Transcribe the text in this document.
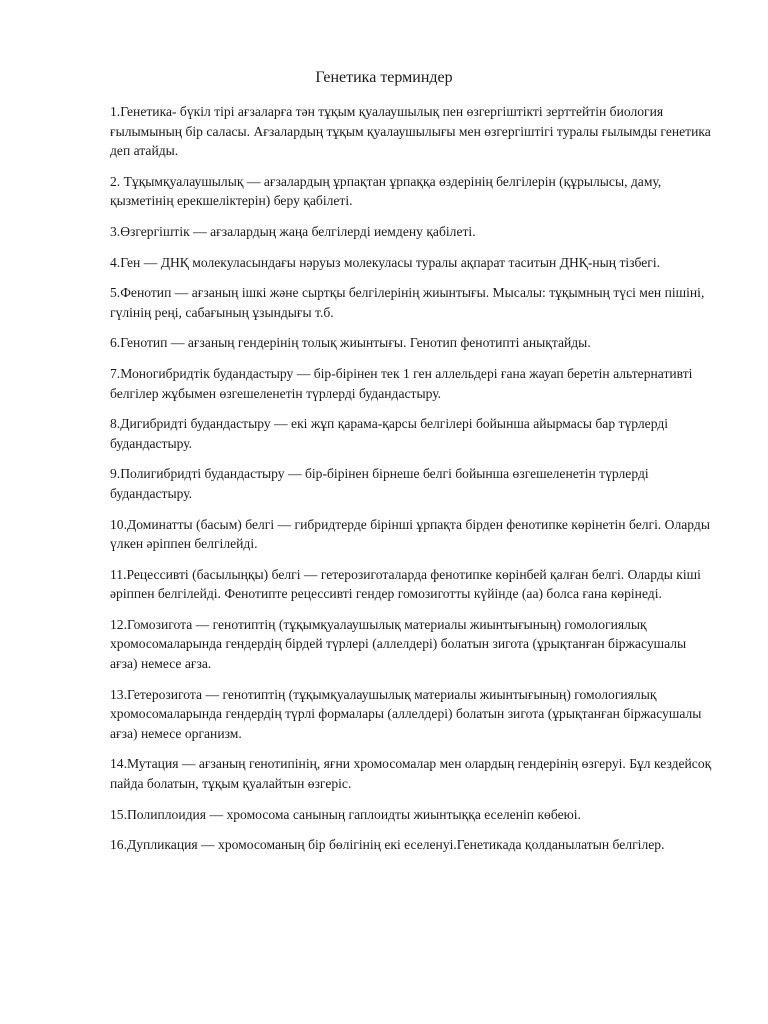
Генетика терминдер

1.Генетика- бүкіл тірі ағзаларға тән тұқым қуалаушылық пен өзгергіштікті зерттейтін биология ғылымының бір саласы. Ағзалардың тұқым қуалаушылығы мен өзгергіштігі туралы ғылымды генетика деп атайды.

2. Тұқымқуалаушылық — ағзалардың ұрпақтан ұрпаққа өздерінің белгілерін (құрылысы, даму, қызметінің ерекшеліктерін) беру қабілеті.

3.Өзгергіштік — ағзалардың жаңа белгілерді иемдену қабілеті.

4.Ген — ДНҚ молекуласындағы нәруыз молекуласы туралы ақпарат таситын ДНҚ-ның тізбегі.

5.Фенотип — ағзаның ішкі және сыртқы белгілерінің жиынтығы. Мысалы: тұқымның түсі мен пішіні, гүлінің реңі, сабағының ұзындығы т.б.

6.Генотип — ағзаның гендерінің толық жиынтығы. Генотип фенотипті анықтайды.

7.Моногибридтік будандастыру — бір-бірінен тек 1 ген аллельдері ғана жауап беретін альтернативті белгілер жұбымен өзгешеленетін түрлерді будандастыру.

8.Дигибридті будандастыру — екі жұп қарама-қарсы белгілері бойынша айырмасы бар түрлерді будандастыру.

9.Полигибридті будандастыру — бір-бірінен бірнеше белгі бойынша өзгешеленетін түрлерді будандастыру.

10.Доминатты (басым) белгі — гибридтерде бірінші ұрпақта бірден фенотипке көрінетін белгі. Оларды үлкен әріппен белгілейді.

11.Рецессивті (басылыңқы) белгі — гетерозиготаларда фенотипке көрінбей қалған белгі. Оларды кіші әріппен белгілейді. Фенотипте рецессивті гендер гомозиготты күйінде (аа) болса ғана көрінеді.

12.Гомозигота — генотиптің (тұқымқуалаушылық материалы жиынтығының) гомологиялық хромосомаларында гендердің бірдей түрлері (аллелдері) болатын зигота (ұрықтанған біржасушалы ағза) немесе ағза.

13.Гетерозигота — генотиптің (тұқымқуалаушылық материалы жиынтығының) гомологиялық хромосомаларында гендердің түрлі формалары (аллелдері) болатын зигота (ұрықтанған біржасушалы ағза) немесе организм.

14.Мутация — ағзаның генотипінің, яғни хромосомалар мен олардың гендерінің өзгеруі. Бұл кездейсоқ пайда болатын, тұқым қуалайтын өзгеріс.

15.Полиплоидия — хромосома санының гаплоидты жиынтыққа еселеніп көбеюі.

16.Дупликация — хромосоманың бір бөлігінің екі еселенуі.Генетикада қолданылатын белгілер.
